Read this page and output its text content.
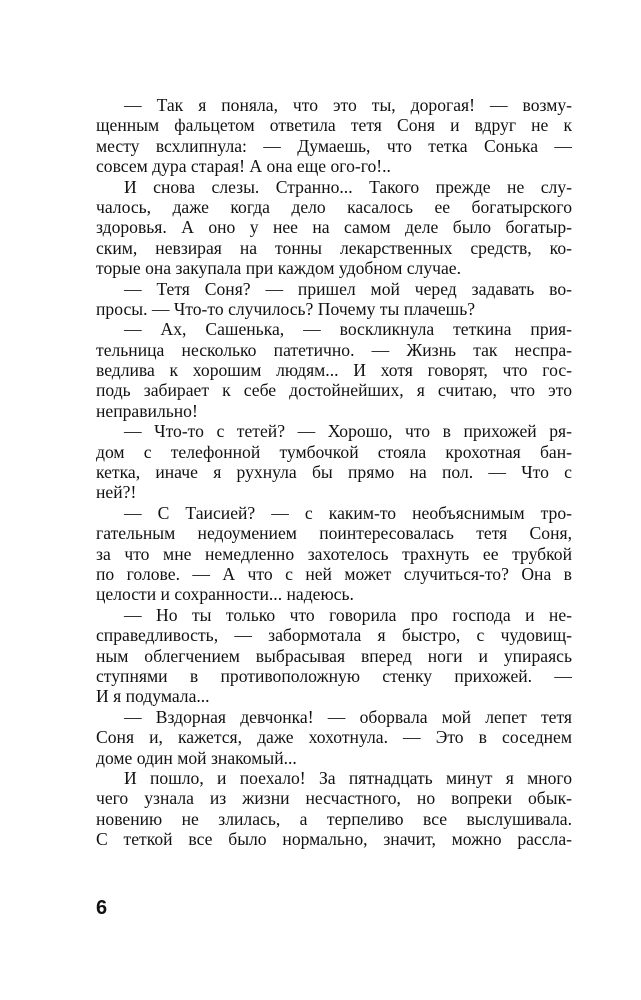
— Так я поняла, что это ты, дорогая! — возму-
щенным фальцетом ответила тетя Соня и вдруг не к
месту всхлипнула: — Думаешь, что тетка Сонька —
совсем дура старая! А она еще ого-го!..
И снова слезы. Странно... Такого прежде не слу-
чалось, даже когда дело касалось ее богатырского
здоровья. А оно у нее на самом деле было богатыр-
ским, невзирая на тонны лекарственных средств, ко-
торые она закупала при каждом удобном случае.
— Тетя Соня? — пришел мой черед задавать во-
просы. — Что-то случилось? Почему ты плачешь?
— Ах, Сашенька, — воскликнула теткина прия-
тельница несколько патетично. — Жизнь так неспра-
ведлива к хорошим людям... И хотя говорят, что гос-
подь забирает к себе достойнейших, я считаю, что это
неправильно!
— Что-то с тетей? — Хорошо, что в прихожей ря-
дом с телефонной тумбочкой стояла крохотная бан-
кетка, иначе я рухнула бы прямо на пол. — Что с
ней?!
— С Таисией? — с каким-то необъяснимым тро-
гательным недоумением поинтересовалась тетя Соня,
за что мне немедленно захотелось трахнуть ее трубкой
по голове. — А что с ней может случиться-то? Она в
целости и сохранности... надеюсь.
— Но ты только что говорила про господа и не-
справедливость, — забормотала я быстро, с чудовищ-
ным облегчением выбрасывая вперед ноги и упираясь
ступнями в противоположную стенку прихожей. —
И я подумала...
— Вздорная девчонка! — оборвала мой лепет тетя
Соня и, кажется, даже хохотнула. — Это в соседнем
доме один мой знакомый...
И пошло, и поехало! За пятнадцать минут я много
чего узнала из жизни несчастного, но вопреки обык-
новению не злилась, а терпеливо все выслушивала.
С теткой все было нормально, значит, можно рассла-
6
